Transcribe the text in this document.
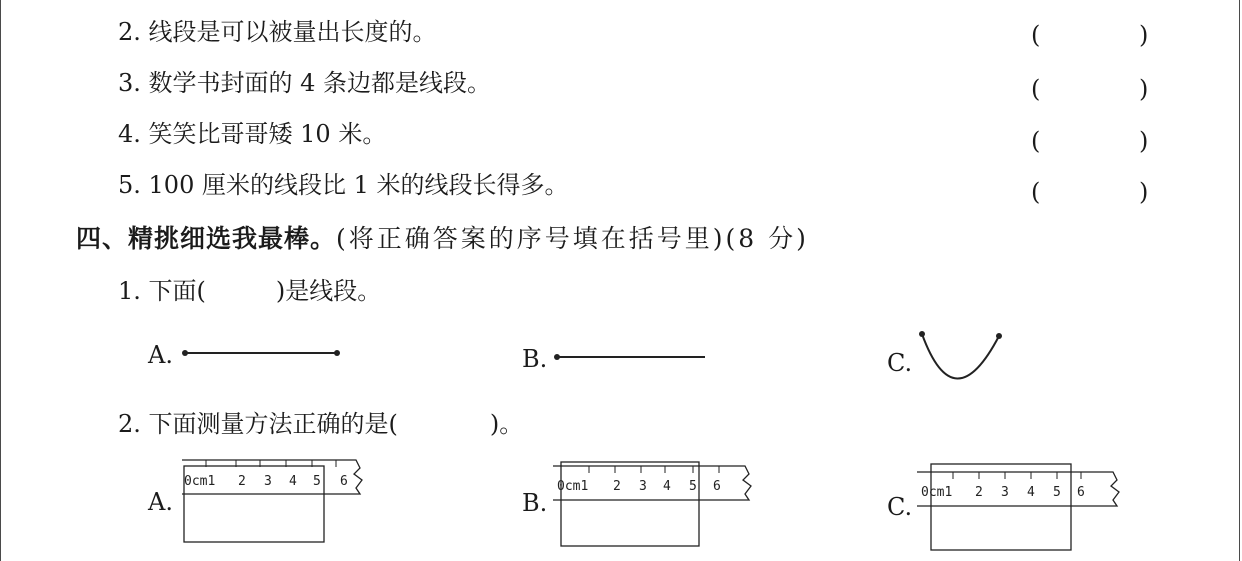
2. 线段是可以被量出长度的。	(	)
3. 数学书封面的 4 条边都是线段。	(	)
4. 笑笑比哥哥矮 10 米。	(	)
5. 100 厘米的线段比 1 米的线段长得多。	(	)
四、精挑细选我最棒。(将正确答案的序号填在括号里)(8 分)
1. 下面(	)是线段。
A.	B.	C.
2. 下面测量方法正确的是(	)。
A.
0cm1 2 3 4 5 6
B.
0cm1 2 3 4 5 6
C.
0cm1 2 3 4 5 6
